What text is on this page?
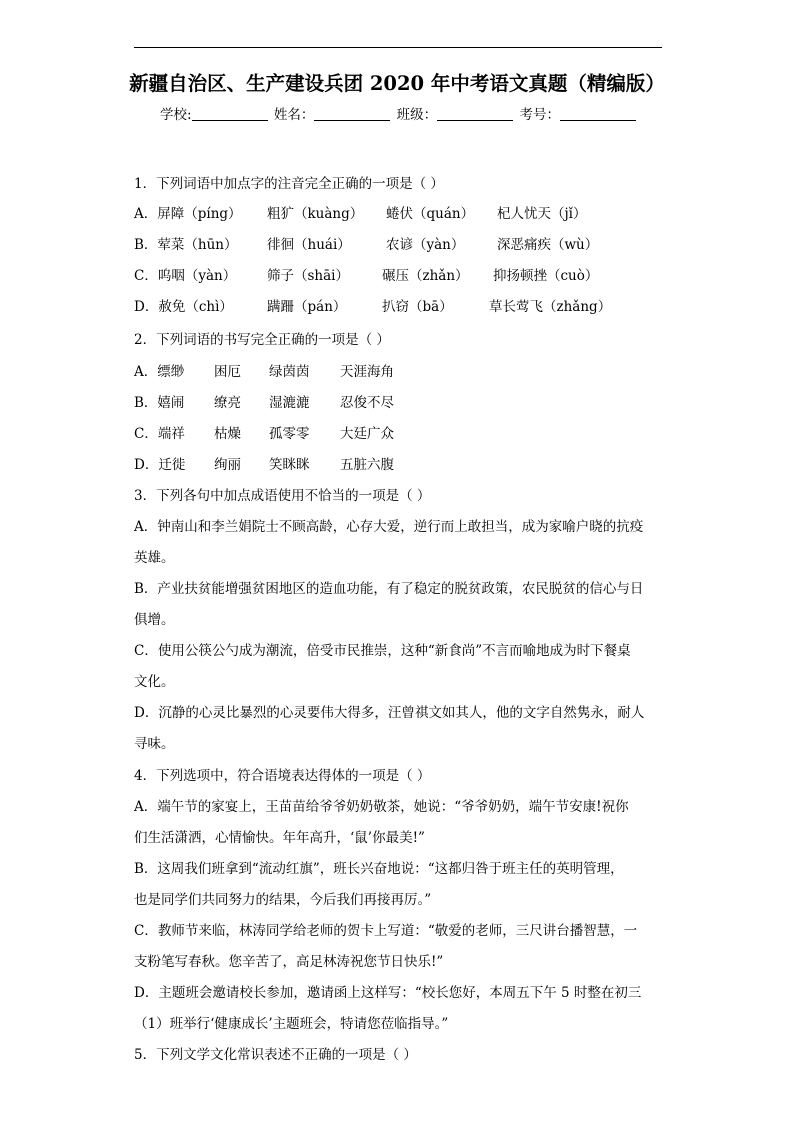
新疆自治区、生产建设兵团 2020 年中考语文真题（精编版）
学校:	姓名：	班级：	考号：
1．下列词语中加点字的注音完全正确的一项是（ ）
A．屏障（píng） 粗犷（kuàng） 蜷伏（quán） 杞人忧天（jǐ）
B．荤菜（hūn） 徘徊（huái）	农谚（yàn） 深恶痛疾（wù）
C．呜咽（yàn） 筛子（shāi） 碾压（zhǎn） 抑扬顿挫（cuò）
D．赦免（chì）	蹒跚（pán）	扒窃（bā）	草长莺飞（zhǎng）
2．下列词语的书写完全正确的一项是（ ）
A．缥缈 困厄 绿茵茵 天涯海角
B．嬉闹 缭亮 湿漉漉 忍俊不尽
C．端祥 枯燥 孤零零 大廷广众
D．迁徙 绚丽 笑眯眯 五脏六腹
3．下列各句中加点成语使用不恰当的一项是（ ）
A．钟南山和李兰娟院士不顾高龄，心存大爱，逆行而上敢担当，成为家喻户晓的抗疫
英雄。
B．产业扶贫能增强贫困地区的造血功能，有了稳定的脱贫政策，农民脱贫的信心与日
俱增。
C．使用公筷公勺成为潮流，倍受市民推崇，这种“新食尚”不言而喻地成为时下餐桌
文化。
D．沉静的心灵比暴烈的心灵要伟大得多，汪曾祺文如其人，他的文字自然隽永，耐人
寻味。
4．下列选项中，符合语境表达得体的一项是（ ）
A．端午节的家宴上，王苗苗给爷爷奶奶敬茶，她说：“爷爷奶奶，端午节安康!祝你
们生活潇洒，心情愉快。年年高升，‘鼠’你最美!”
B．这周我们班拿到“流动红旗”，班长兴奋地说：“这都归咎于班主任的英明管理，
也是同学们共同努力的结果，今后我们再接再厉。”
C．教师节来临，林涛同学给老师的贺卡上写道：“敬爱的老师，三尺讲台播智慧，一
支粉笔写春秋。您辛苦了，高足林涛祝您节日快乐!”
D．主题班会邀请校长参加，邀请函上这样写：“校长您好，本周五下午 5 时整在初三
（1）班举行‘健康成长’主题班会，特请您莅临指导。”
5．下列文学文化常识表述不正确的一项是（ ）
